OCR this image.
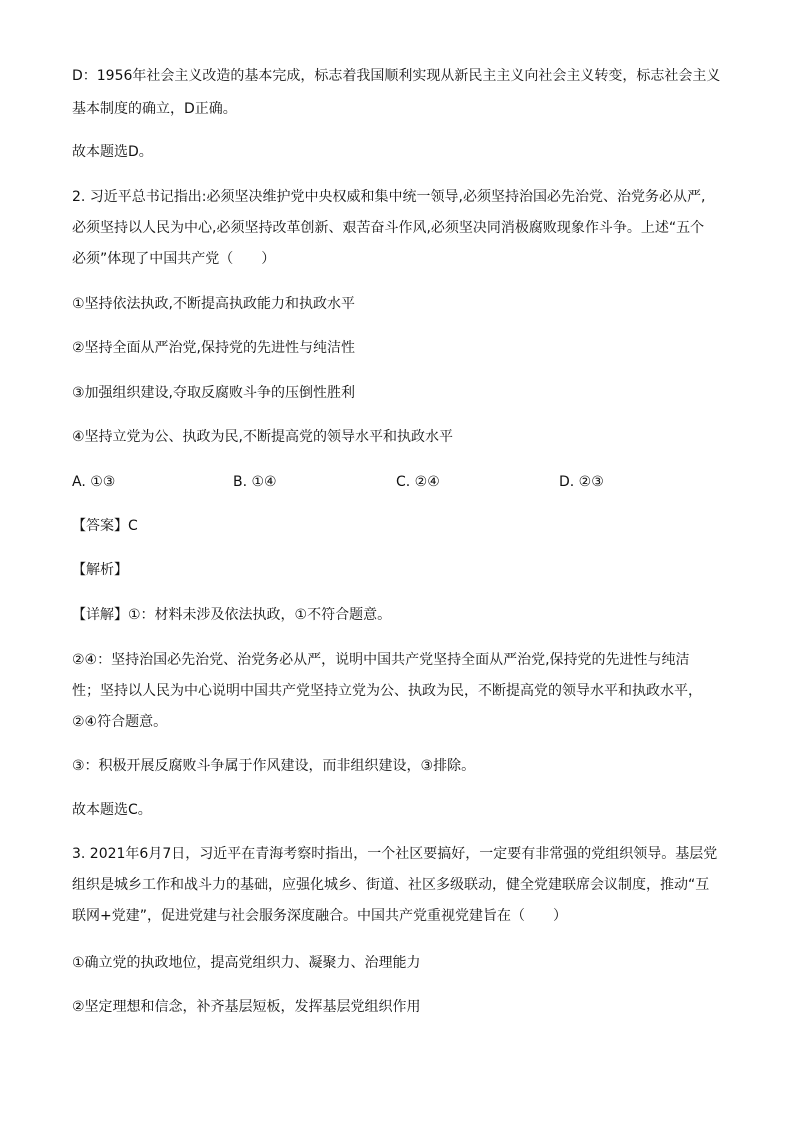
D：1956年社会主义改造的基本完成，标志着我国顺利实现从新民主主义向社会主义转变，标志社会主义
基本制度的确立，D正确。
故本题选D。
2. 习近平总书记指出:必须坚决维护党中央权威和集中统一领导,必须坚持治国必先治党、治党务必从严,
必须坚持以人民为中心,必须坚持改革创新、艰苦奋斗作风,必须坚决同消极腐败现象作斗争。上述“五个
必须”体现了中国共产党（　　）
①坚持依法执政,不断提高执政能力和执政水平
②坚持全面从严治党,保持党的先进性与纯洁性
③加强组织建设,夺取反腐败斗争的压倒性胜利
④坚持立党为公、执政为民,不断提高党的领导水平和执政水平
A. ①③	B. ①④	C. ②④	D. ②③
【答案】C
【解析】
【详解】①：材料未涉及依法执政，①不符合题意。
②④：坚持治国必先治党、治党务必从严，说明中国共产党坚持全面从严治党,保持党的先进性与纯洁
性；坚持以人民为中心说明中国共产党坚持立党为公、执政为民，不断提高党的领导水平和执政水平，
②④符合题意。
③：积极开展反腐败斗争属于作风建设，而非组织建设，③排除。
故本题选C。
3. 2021年6月7日，习近平在青海考察时指出，一个社区要搞好，一定要有非常强的党组织领导。基层党
组织是城乡工作和战斗力的基础，应强化城乡、街道、社区多级联动，健全党建联席会议制度，推动“互
联网+党建”，促进党建与社会服务深度融合。中国共产党重视党建旨在（　　）
①确立党的执政地位，提高党组织力、凝聚力、治理能力
②坚定理想和信念，补齐基层短板，发挥基层党组织作用
